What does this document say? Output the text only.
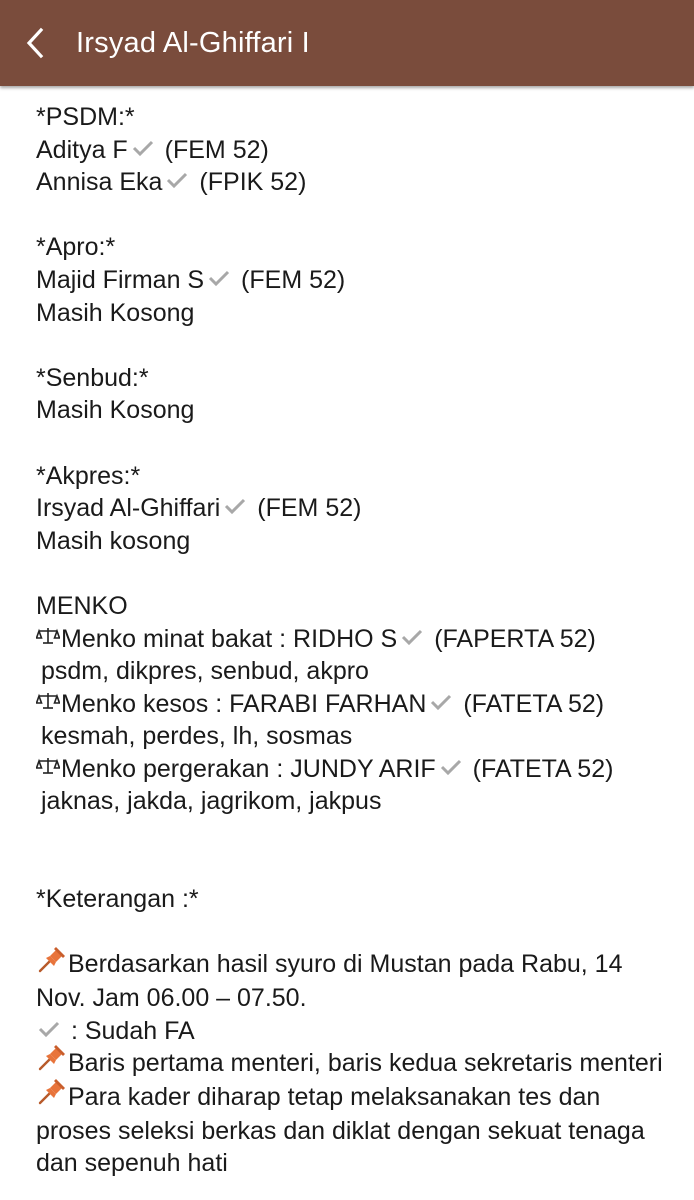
Irsyad Al-Ghiffari I
*PSDM:*
Aditya F (FEM 52)
Annisa Eka (FPIK 52)
*Apro:*
Majid Firman S (FEM 52)
Masih Kosong
*Senbud:*
Masih Kosong
*Akpres:*
Irsyad Al-Ghiffari (FEM 52)
Masih kosong
MENKO
Menko minat bakat : RIDHO S (FAPERTA 52)
psdm, dikpres, senbud, akpro
Menko kesos : FARABI FARHAN (FATETA 52)
kesmah, perdes, lh, sosmas
Menko pergerakan : JUNDY ARIF (FATETA 52)
jaknas, jakda, jagrikom, jakpus
*Keterangan :*
Berdasarkan hasil syuro di Mustan pada Rabu, 14 Nov. Jam 06.00 – 07.50.
: Sudah FA
Baris pertama menteri, baris kedua sekretaris menteri
Para kader diharap tetap melaksanakan tes dan proses seleksi berkas dan diklat dengan sekuat tenaga dan sepenuh hati
